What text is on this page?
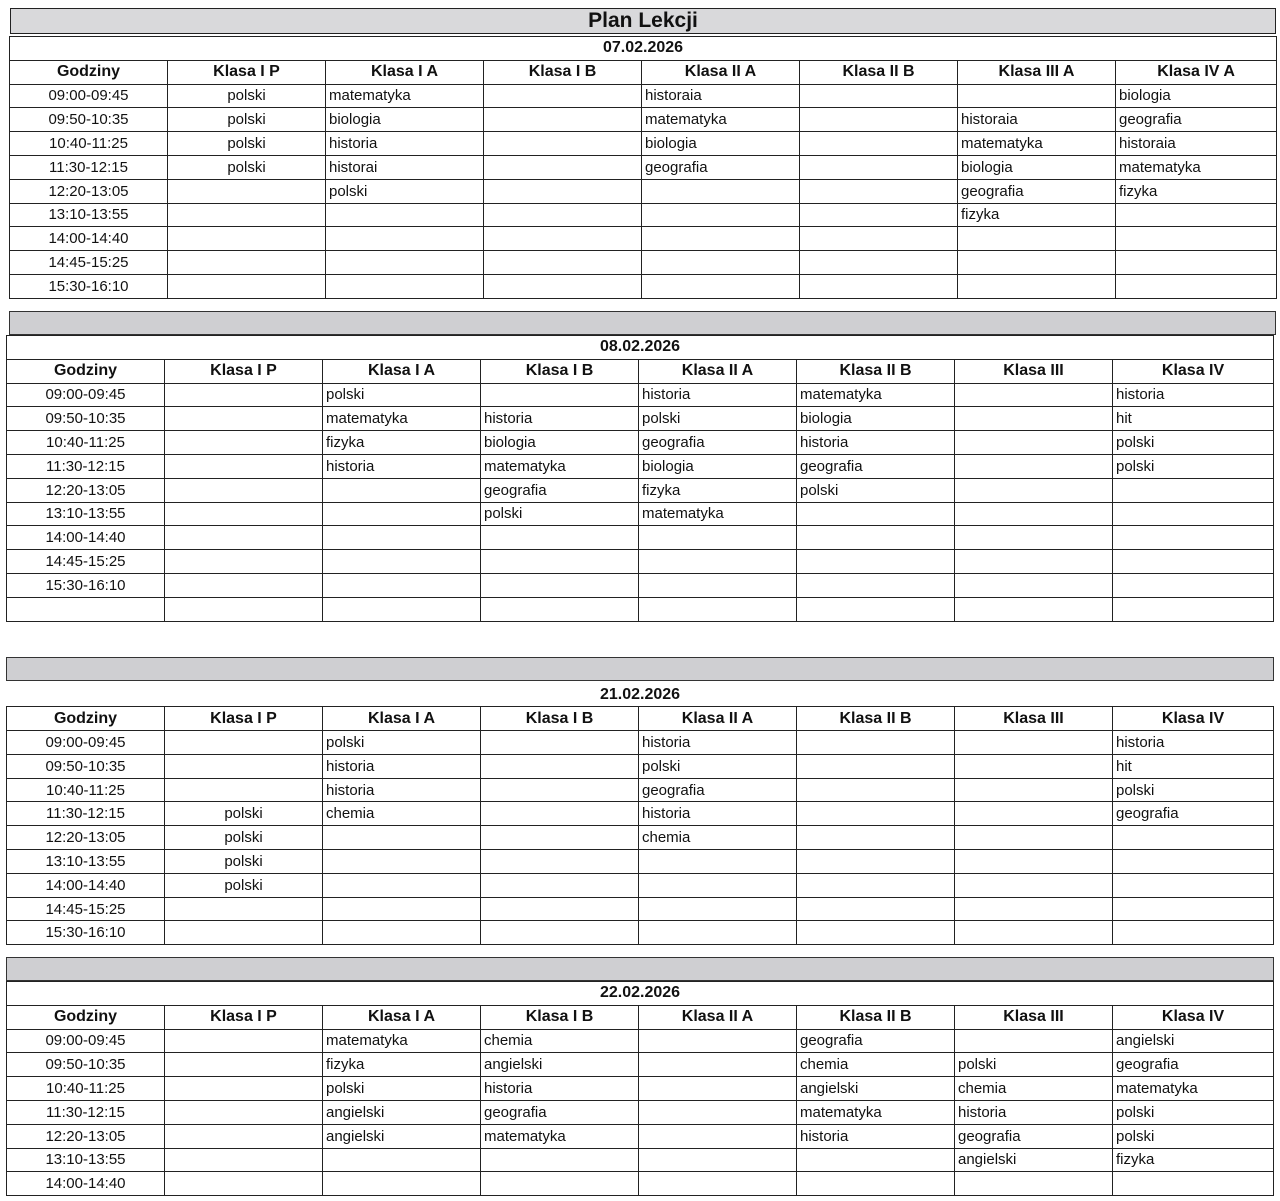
Plan Lekcji
07.02.2026							
Godziny	Klasa I P	Klasa I A	Klasa I B	Klasa II A	Klasa II B	Klasa III A	Klasa IV A
09:00-09:45	polski	matematyka		historaia			biologia
09:50-10:35	polski	biologia		matematyka		historaia	geografia
10:40-11:25	polski	historia		biologia		matematyka	historaia
11:30-12:15	polski	historai		geografia		biologia	matematyka
12:20-13:05		polski				geografia	fizyka
13:10-13:55						fizyka	
14:00-14:40							
14:45-15:25							
15:30-16:10							
08.02.2026							
Godziny	Klasa I P	Klasa I A	Klasa I B	Klasa II A	Klasa II B	Klasa III	Klasa IV
09:00-09:45		polski		historia	matematyka		historia
09:50-10:35		matematyka	historia	polski	biologia		hit
10:40-11:25		fizyka	biologia	geografia	historia		polski
11:30-12:15		historia	matematyka	biologia	geografia		polski
12:20-13:05			geografia	fizyka	polski		
13:10-13:55			polski	matematyka			
14:00-14:40							
14:45-15:25							
15:30-16:10							

21.02.2026							
Godziny	Klasa I P	Klasa I A	Klasa I B	Klasa II A	Klasa II B	Klasa III	Klasa IV
09:00-09:45		polski		historia			historia
09:50-10:35		historia		polski			hit
10:40-11:25		historia		geografia			polski
11:30-12:15	polski	chemia		historia			geografia
12:20-13:05	polski			chemia			
13:10-13:55	polski						
14:00-14:40	polski						
14:45-15:25							
15:30-16:10							
22.02.2026							
Godziny	Klasa I P	Klasa I A	Klasa I B	Klasa II A	Klasa II B	Klasa III	Klasa IV
09:00-09:45		matematyka	chemia		geografia		angielski
09:50-10:35		fizyka	angielski		chemia	polski	geografia
10:40-11:25		polski	historia		angielski	chemia	matematyka
11:30-12:15		angielski	geografia		matematyka	historia	polski
12:20-13:05		angielski	matematyka		historia	geografia	polski
13:10-13:55						angielski	fizyka
14:00-14:40							
